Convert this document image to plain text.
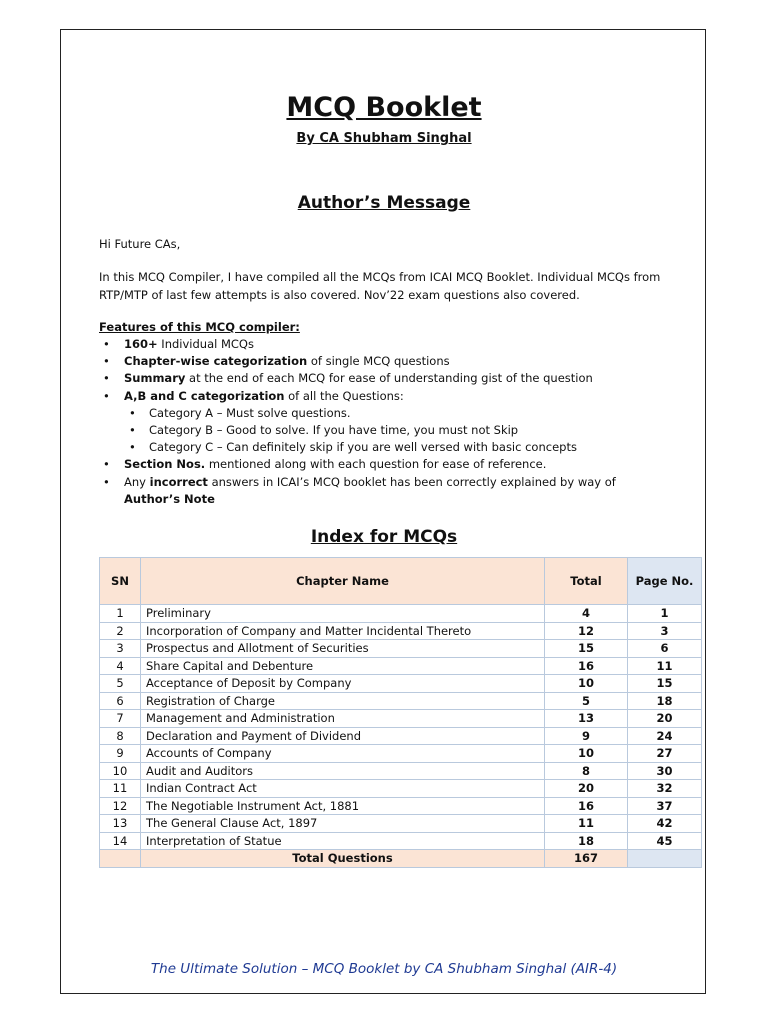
MCQ Booklet
By CA Shubham Singhal
Author’s Message
Hi Future CAs,
In this MCQ Compiler, I have compiled all the MCQs from ICAI MCQ Booklet. Individual MCQs from RTP/MTP of last few attempts is also covered. Nov’22 exam questions also covered.
Features of this MCQ compiler:
• 160+ Individual MCQs
• Chapter-wise categorization of single MCQ questions
• Summary at the end of each MCQ for ease of understanding gist of the question
• A,B and C categorization of all the Questions:
• Category A – Must solve questions.
• Category B – Good to solve. If you have time, you must not Skip
• Category C – Can definitely skip if you are well versed with basic concepts
• Section Nos. mentioned along with each question for ease of reference.
• Any incorrect answers in ICAI’s MCQ booklet has been correctly explained by way of Author’s Note
Index for MCQs
SN	Chapter Name	Total	Page No.
1	Preliminary	4	1
2	Incorporation of Company and Matter Incidental Thereto	12	3
3	Prospectus and Allotment of Securities	15	6
4	Share Capital and Debenture	16	11
5	Acceptance of Deposit by Company	10	15
6	Registration of Charge	5	18
7	Management and Administration	13	20
8	Declaration and Payment of Dividend	9	24
9	Accounts of Company	10	27
10	Audit and Auditors	8	30
11	Indian Contract Act	20	32
12	The Negotiable Instrument Act, 1881	16	37
13	The General Clause Act, 1897	11	42
14	Interpretation of Statue	18	45
	Total Questions	167	
The Ultimate Solution – MCQ Booklet by CA Shubham Singhal (AIR-4)
